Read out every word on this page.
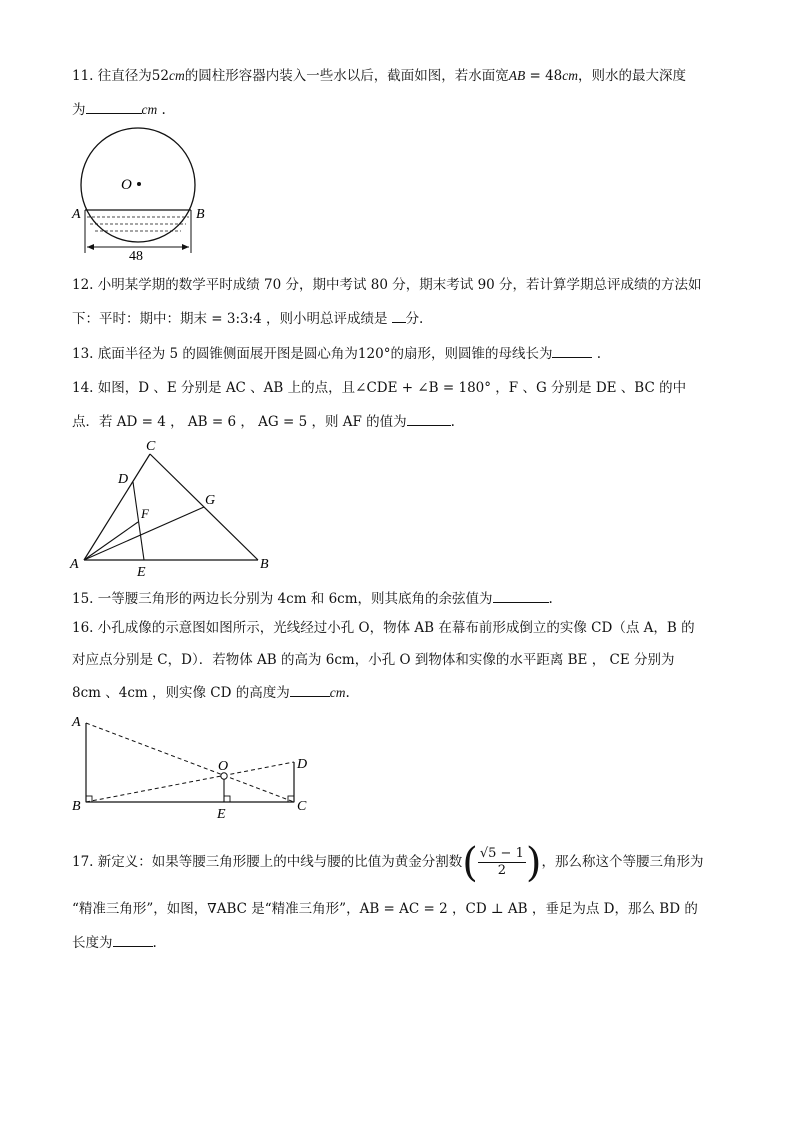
11. 往直径为52cm的圆柱形容器内装入一些水以后，截面如图，若水面宽AB = 48cm，则水的最大深度
为	cm .
O
A	B
48
12. 小明某学期的数学平时成绩 70 分，期中考试 80 分，期末考试 90 分，若计算学期总评成绩的方法如
下：平时：期中：期末 = 3:3:4 ，则小明总评成绩是 分.
13. 底面半径为 5 的圆锥侧面展开图是圆心角为120°的扇形，则圆锥的母线长为	.
14. 如图，D 、E 分别是 AC 、AB 上的点，且∠CDE + ∠B = 180° ，F 、G 分别是 DE 、BC 的中
点．若 AD = 4 ， AB = 6 ， AG = 5 ，则 AF 的值为	.
C
D
G
F
A
E
B
15. 一等腰三角形的两边长分别为 4cm 和 6cm，则其底角的余弦值为	.
16. 小孔成像的示意图如图所示，光线经过小孔 O，物体 AB 在幕布前形成倒立的实像 CD（点 A，B 的
对应点分别是 C，D）．若物体 AB 的高为 6cm，小孔 O 到物体和实像的水平距离 BE ， CE 分别为
8cm 、4cm ，则实像 CD 的高度为	cm.
A
B
O	D
E
C
17. 新定义：如果等腰三角形腰上的中线与腰的比值为黄金分割数( $\frac{√5 - 1}{2}$ )，那么称这个等腰三角形为
“精准三角形”，如图，∇ABC 是“精准三角形”，AB = AC = 2 ，CD ⊥ AB ，垂足为点 D，那么 BD 的
长度为	.
